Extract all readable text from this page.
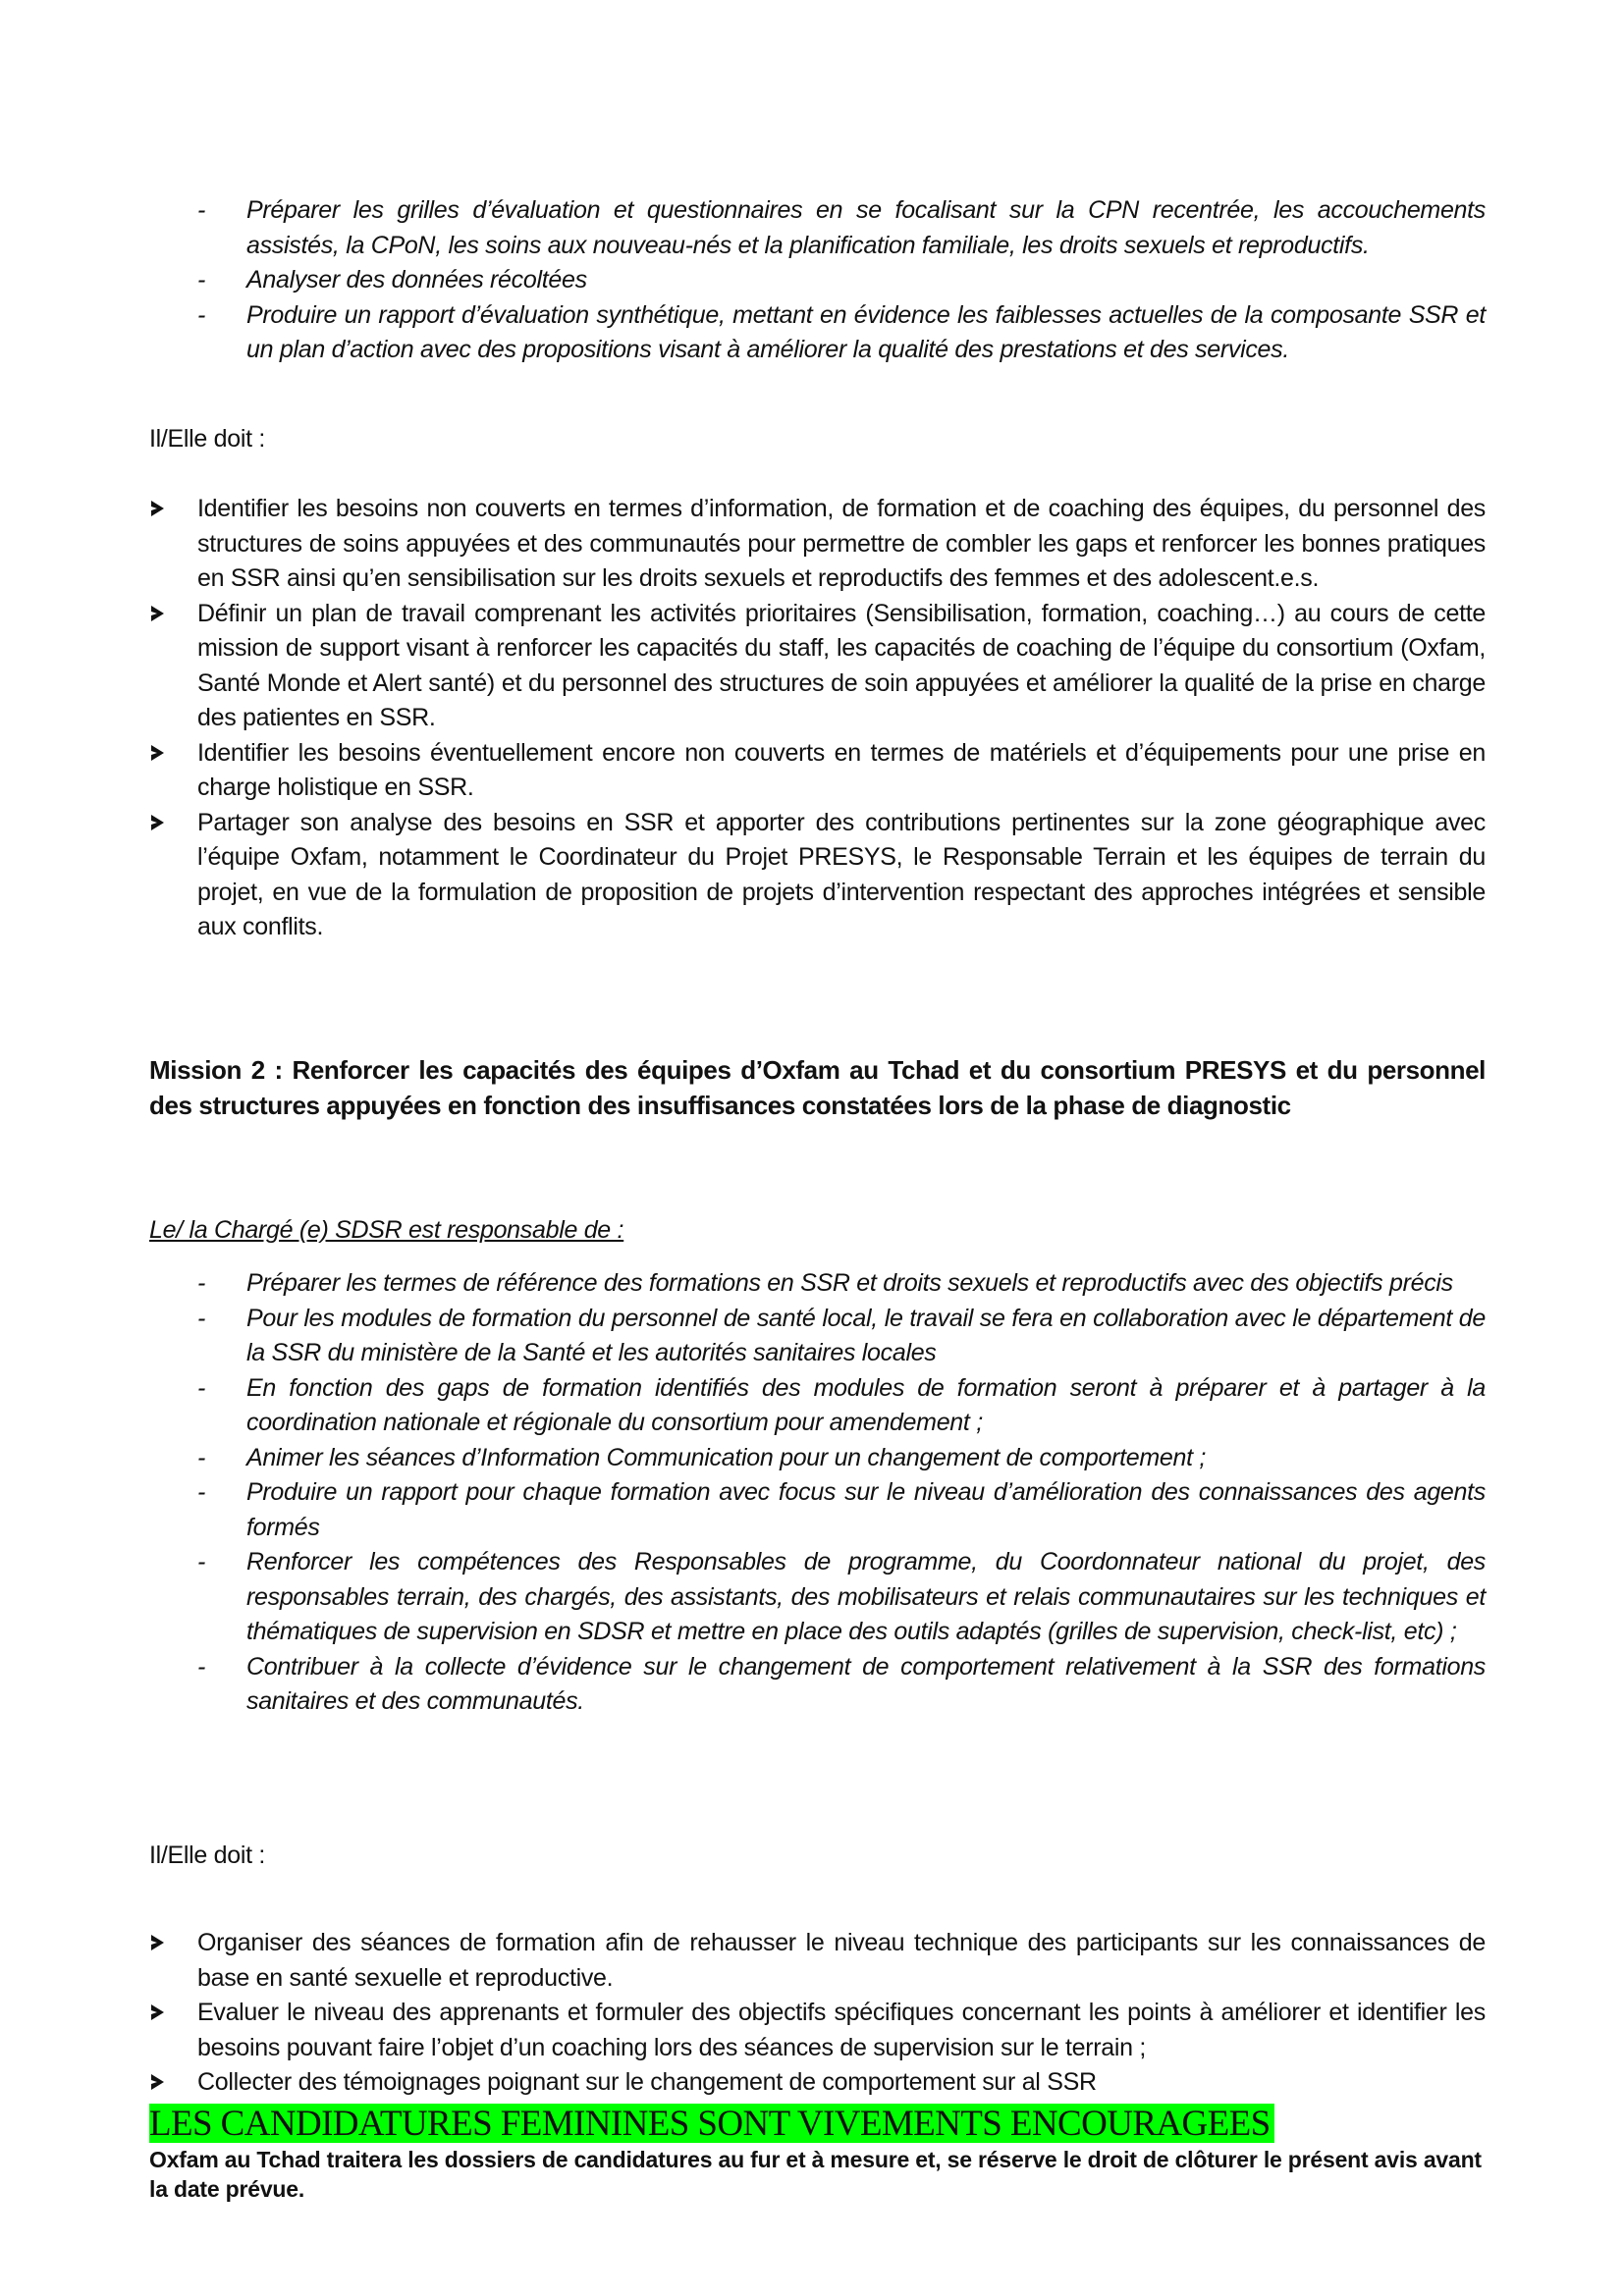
- Préparer les grilles d’évaluation et questionnaires en se focalisant sur la CPN recentrée, les accouchements assistés, la CPoN, les soins aux nouveau-nés et la planification familiale, les droits sexuels et reproductifs.
- Analyser des données récoltées
- Produire un rapport d’évaluation synthétique, mettant en évidence les faiblesses actuelles de la composante SSR et un plan d’action avec des propositions visant à améliorer la qualité des prestations et des services.
Il/Elle doit :
Identifier les besoins non couverts en termes d’information, de formation et de coaching des équipes, du personnel des structures de soins appuyées et des communautés pour permettre de combler les gaps et renforcer les bonnes pratiques en SSR ainsi qu’en sensibilisation sur les droits sexuels et reproductifs des femmes et des adolescent.e.s.
Définir un plan de travail comprenant les activités prioritaires (Sensibilisation, formation, coaching…) au cours de cette mission de support visant à renforcer les capacités du staff, les capacités de coaching de l’équipe du consortium (Oxfam, Santé Monde et Alert santé) et du personnel des structures de soin appuyées et améliorer la qualité de la prise en charge des patientes en SSR.
Identifier les besoins éventuellement encore non couverts en termes de matériels et d’équipements pour une prise en charge holistique en SSR.
Partager son analyse des besoins en SSR et apporter des contributions pertinentes sur la zone géographique avec l’équipe Oxfam, notamment le Coordinateur du Projet PRESYS, le Responsable Terrain et les équipes de terrain du projet, en vue de la formulation de proposition de projets d’intervention respectant des approches intégrées et sensible aux conflits.
Mission 2 : Renforcer les capacités des équipes d’Oxfam au Tchad et du consortium PRESYS et du personnel des structures appuyées en fonction des insuffisances constatées lors de la phase de diagnostic
Le/ la Chargé (e) SDSR est responsable de :
- Préparer les termes de référence des formations en SSR et droits sexuels et reproductifs avec des objectifs précis
- Pour les modules de formation du personnel de santé local, le travail se fera en collaboration avec le département de la SSR du ministère de la Santé et les autorités sanitaires locales
- En fonction des gaps de formation identifiés des modules de formation seront à préparer et à partager à la coordination nationale et régionale du consortium pour amendement ;
- Animer les séances d’Information Communication pour un changement de comportement ;
- Produire un rapport pour chaque formation avec focus sur le niveau d’amélioration des connaissances des agents formés
- Renforcer les compétences des Responsables de programme, du Coordonnateur national du projet, des responsables terrain, des chargés, des assistants, des mobilisateurs et relais communautaires sur les techniques et thématiques de supervision en SDSR et mettre en place des outils adaptés (grilles de supervision, check-list, etc) ;
- Contribuer à la collecte d’évidence sur le changement de comportement relativement à la SSR des formations sanitaires et des communautés.
Il/Elle doit :
Organiser des séances de formation afin de rehausser le niveau technique des participants sur les connaissances de base en santé sexuelle et reproductive.
Evaluer le niveau des apprenants et formuler des objectifs spécifiques concernant les points à améliorer et identifier les besoins pouvant faire l’objet d’un coaching lors des séances de supervision sur le terrain ;
Collecter des témoignages poignant sur le changement de comportement sur al SSR
LES CANDIDATURES FEMININES SONT VIVEMENTS ENCOURAGEES
Oxfam au Tchad traitera les dossiers de candidatures au fur et à mesure et, se réserve le droit de clôturer le présent avis avant la date prévue.
